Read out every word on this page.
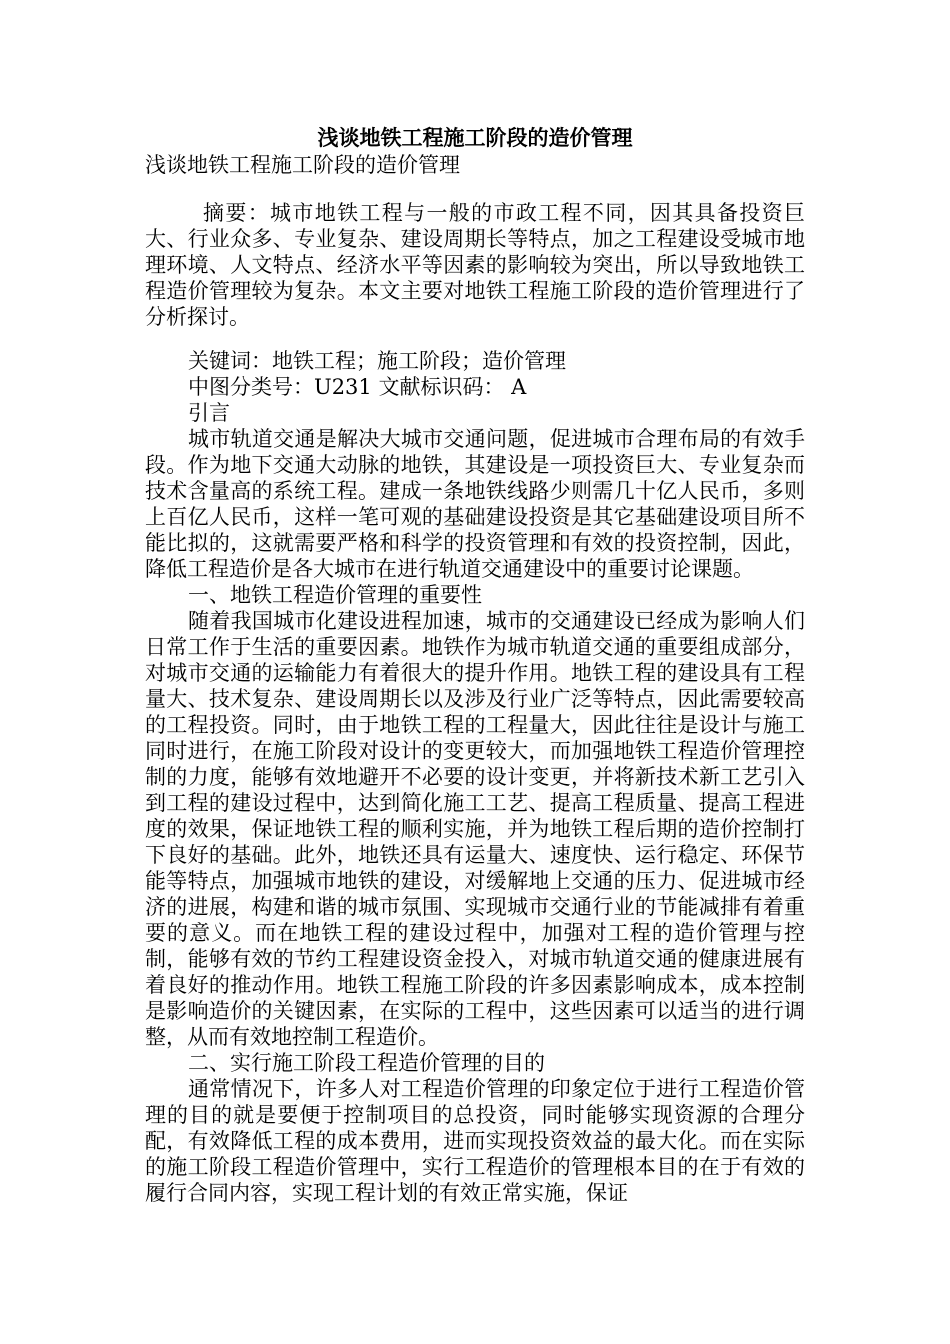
浅谈地铁工程施工阶段的造价管理
浅谈地铁工程施工阶段的造价管理
摘要：城市地铁工程与一般的市政工程不同，因其具备投资巨大、行业众多、专业复杂、建设周期长等特点，加之工程建设受城市地理环境、人文特点、经济水平等因素的影响较为突出，所以导致地铁工程造价管理较为复杂。本文主要对地铁工程施工阶段的造价管理进行了分析探讨。
关键词：地铁工程；施工阶段；造价管理
中图分类号：U231 文献标识码： A
引言

城市轨道交通是解决大城市交通问题，促进城市合理布局的有效手段。作为地下交通大动脉的地铁，其建设是一项投资巨大、专业复杂而技术含量高的系统工程。建成一条地铁线路少则需几十亿人民币，多则上百亿人民币，这样一笔可观的基础建设投资是其它基础建设项目所不能比拟的，这就需要严格和科学的投资管理和有效的投资控制，因此，降低工程造价是各大城市在进行轨道交通建设中的重要讨论课题。

一、地铁工程造价管理的重要性

随着我国城市化建设进程加速，城市的交通建设已经成为影响人们日常工作于生活的重要因素。地铁作为城市轨道交通的重要组成部分，对城市交通的运输能力有着很大的提升作用。地铁工程的建设具有工程量大、技术复杂、建设周期长以及涉及行业广泛等特点，因此需要较高的工程投资。同时，由于地铁工程的工程量大，因此往往是设计与施工同时进行，在施工阶段对设计的变更较大，而加强地铁工程造价管理控制的力度，能够有效地避开不必要的设计变更，并将新技术新工艺引入到工程的建设过程中，达到简化施工工艺、提高工程质量、提高工程进度的效果，保证地铁工程的顺利实施，并为地铁工程后期的造价控制打下良好的基础。此外，地铁还具有运量大、速度快、运行稳定、环保节能等特点，加强城市地铁的建设，对缓解地上交通的压力、促进城市经济的进展，构建和谐的城市氛围、实现城市交通行业的节能减排有着重要的意义。而在地铁工程的建设过程中，加强对工程的造价管理与控制，能够有效的节约工程建设资金投入，对城市轨道交通的健康进展有着良好的推动作用。地铁工程施工阶段的许多因素影响成本，成本控制是影响造价的关键因素，在实际的工程中，这些因素可以适当的进行调整，从而有效地控制工程造价。

二、实行施工阶段工程造价管理的目的

通常情况下，许多人对工程造价管理的印象定位于进行工程造价管理的目的就是要便于控制项目的总投资，同时能够实现资源的合理分配，有效降低工程的成本费用，进而实现投资效益的最大化。而在实际的施工阶段工程造价管理中，实行工程造价的管理根本目的在于有效的履行合同内容，实现工程计划的有效正常实施，保证
